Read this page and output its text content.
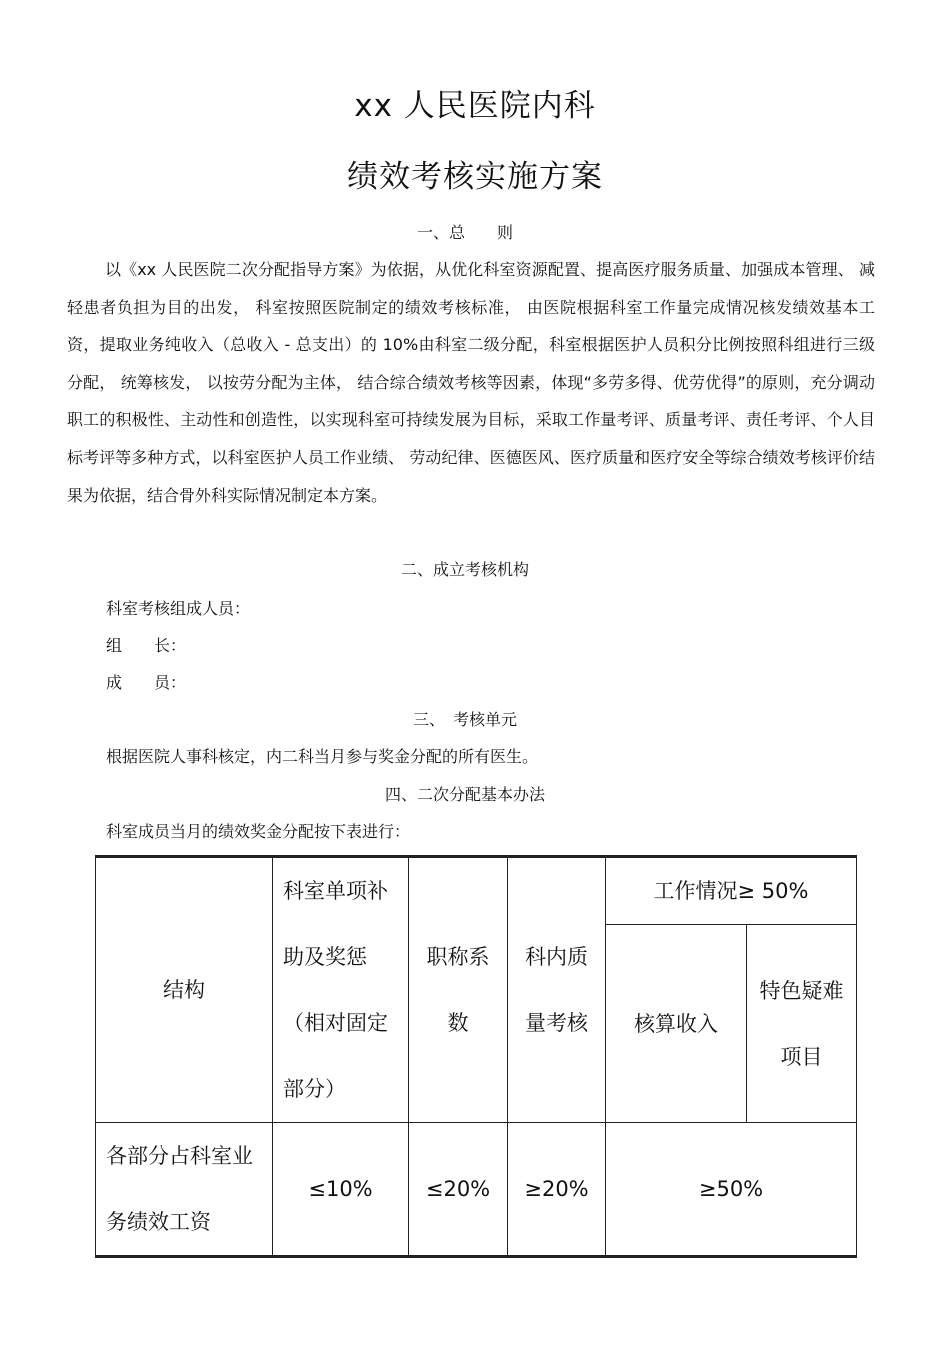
xx 人民医院内科
绩效考核实施方案
一、总　　则
以《xx 人民医院二次分配指导方案》为依据，从优化科室资源配置、提高医疗服务质量、加强成本管理、 减轻患者负担为目的出发， 科室按照医院制定的绩效考核标准， 由医院根据科室工作量完成情况核发绩效基本工资，提取业务纯收入（总收入 - 总支出）的 10%由科室二级分配，科室根据医护人员积分比例按照科组进行三级分配， 统筹核发， 以按劳分配为主体， 结合综合绩效考核等因素，体现“多劳多得、优劳优得”的原则，充分调动职工的积极性、主动性和创造性，以实现科室可持续发展为目标，采取工作量考评、质量考评、责任考评、个人目标考评等多种方式，以科室医护人员工作业绩、 劳动纪律、医德医风、医疗质量和医疗安全等综合绩效考核评价结果为依据，结合骨外科实际情况制定本方案。
二、成立考核机构
科室考核组成人员：
组　　长：
成　　员：
三、　考核单元
根据医院人事科核定，内二科当月参与奖金分配的所有医生。
四、二次分配基本办法
科室成员当月的绩效奖金分配按下表进行：
结构	科室单项补助及奖惩（相对固定部分）	职称系数	科内质量考核	工作情况≥ 50%	
				核算收入	特色疑难项目
各部分占科室业务绩效工资	≤10%	≤20%	≥20%	≥50%	
